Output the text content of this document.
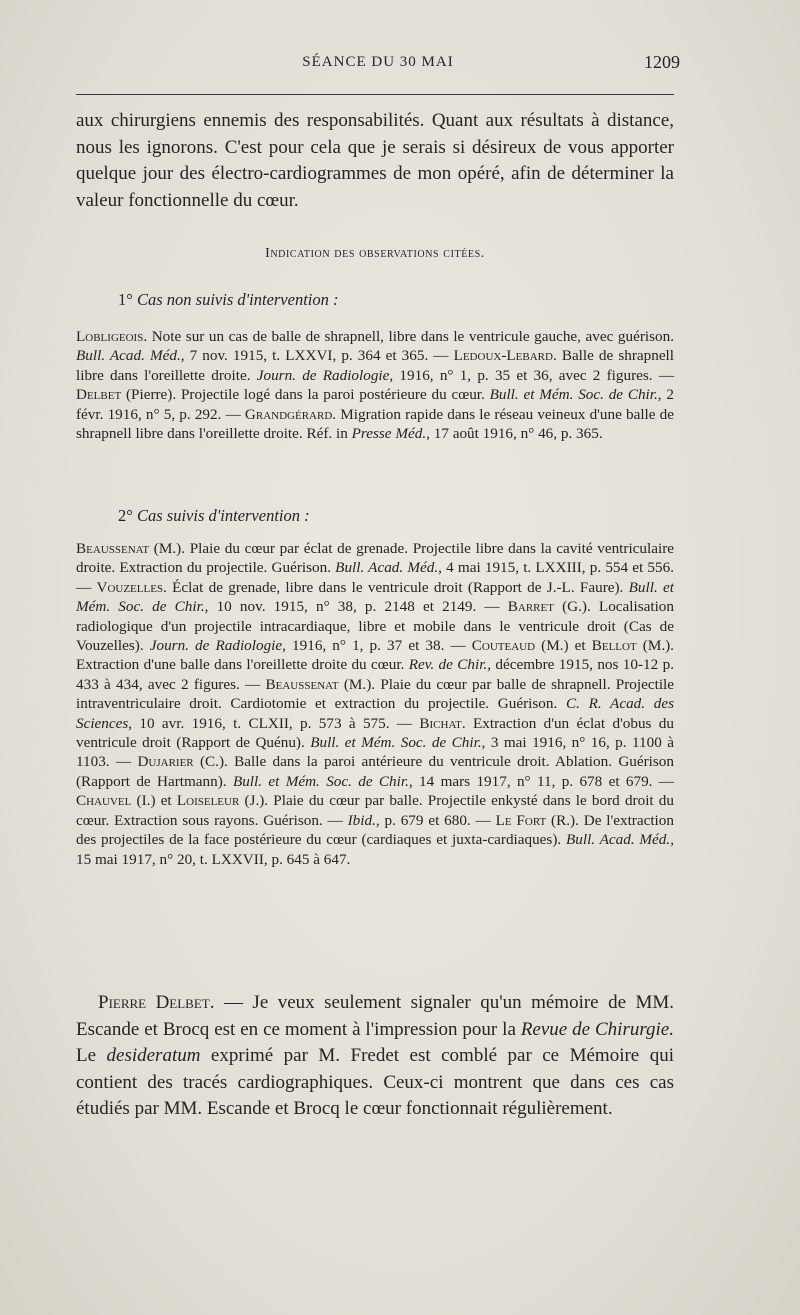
SÉANCE DU 30 MAI	1209
aux chirurgiens ennemis des responsabilités. Quant aux résultats à distance, nous les ignorons. C'est pour cela que je serais si désireux de vous apporter quelque jour des électro-cardiogrammes de mon opéré, afin de déterminer la valeur fonctionnelle du cœur.
Indication des observations citées.
1° Cas non suivis d'intervention :
Lobligeois. Note sur un cas de balle de shrapnell, libre dans le ventricule gauche, avec guérison. Bull. Acad. Méd., 7 nov. 1915, t. LXXVI, p. 364 et 365. — Ledoux-Lebard. Balle de shrapnell libre dans l'oreillette droite. Journ. de Radiologie, 1916, n° 1, p. 35 et 36, avec 2 figures. — Delbet (Pierre). Projectile logé dans la paroi postérieure du cœur. Bull. et Mém. Soc. de Chir., 2 févr. 1916, n° 5, p. 292. — Grandgérard. Migration rapide dans le réseau veineux d'une balle de shrapnell libre dans l'oreillette droite. Réf. in Presse Méd., 17 août 1916, n° 46, p. 365.
2° Cas suivis d'intervention :
Beaussenat (M.). Plaie du cœur par éclat de grenade. Projectile libre dans la cavité ventriculaire droite. Extraction du projectile. Guérison. Bull. Acad. Méd., 4 mai 1915, t. LXXIII, p. 554 et 556. — Vouzelles. Éclat de grenade, libre dans le ventricule droit (Rapport de J.-L. Faure). Bull. et Mém. Soc. de Chir., 10 nov. 1915, n° 38, p. 2148 et 2149. — Barret (G.). Localisation radiologique d'un projectile intracardiaque, libre et mobile dans le ventricule droit (Cas de Vouzelles). Journ. de Radiologie, 1916, n° 1, p. 37 et 38. — Couteaud (M.) et Bellot (M.). Extraction d'une balle dans l'oreillette droite du cœur. Rev. de Chir., décembre 1915, nos 10-12 p. 433 à 434, avec 2 figures. — Beaussenat (M.). Plaie du cœur par balle de shrapnell. Projectile intraventriculaire droit. Cardiotomie et extraction du projectile. Guérison. C. R. Acad. des Sciences, 10 avr. 1916, t. CLXII, p. 573 à 575. — Bichat. Extraction d'un éclat d'obus du ventricule droit (Rapport de Quénu). Bull. et Mém. Soc. de Chir., 3 mai 1916, n° 16, p. 1100 à 1103. — Dujarier (C.). Balle dans la paroi antérieure du ventricule droit. Ablation. Guérison (Rapport de Hartmann). Bull. et Mém. Soc. de Chir., 14 mars 1917, n° 11, p. 678 et 679. — Chauvel (I.) et Loiseleur (J.). Plaie du cœur par balle. Projectile enkysté dans le bord droit du cœur. Extraction sous rayons. Guérison. — Ibid., p. 679 et 680. — Le Fort (R.). De l'extraction des projectiles de la face postérieure du cœur (cardiaques et juxta-cardiaques). Bull. Acad. Méd., 15 mai 1917, n° 20, t. LXXVII, p. 645 à 647.
Pierre Delbet. — Je veux seulement signaler qu'un mémoire de MM. Escande et Brocq est en ce moment à l'impression pour la Revue de Chirurgie. Le desideratum exprimé par M. Fredet est comblé par ce Mémoire qui contient des tracés cardiographiques. Ceux-ci montrent que dans ces cas étudiés par MM. Escande et Brocq le cœur fonctionnait régulièrement.
